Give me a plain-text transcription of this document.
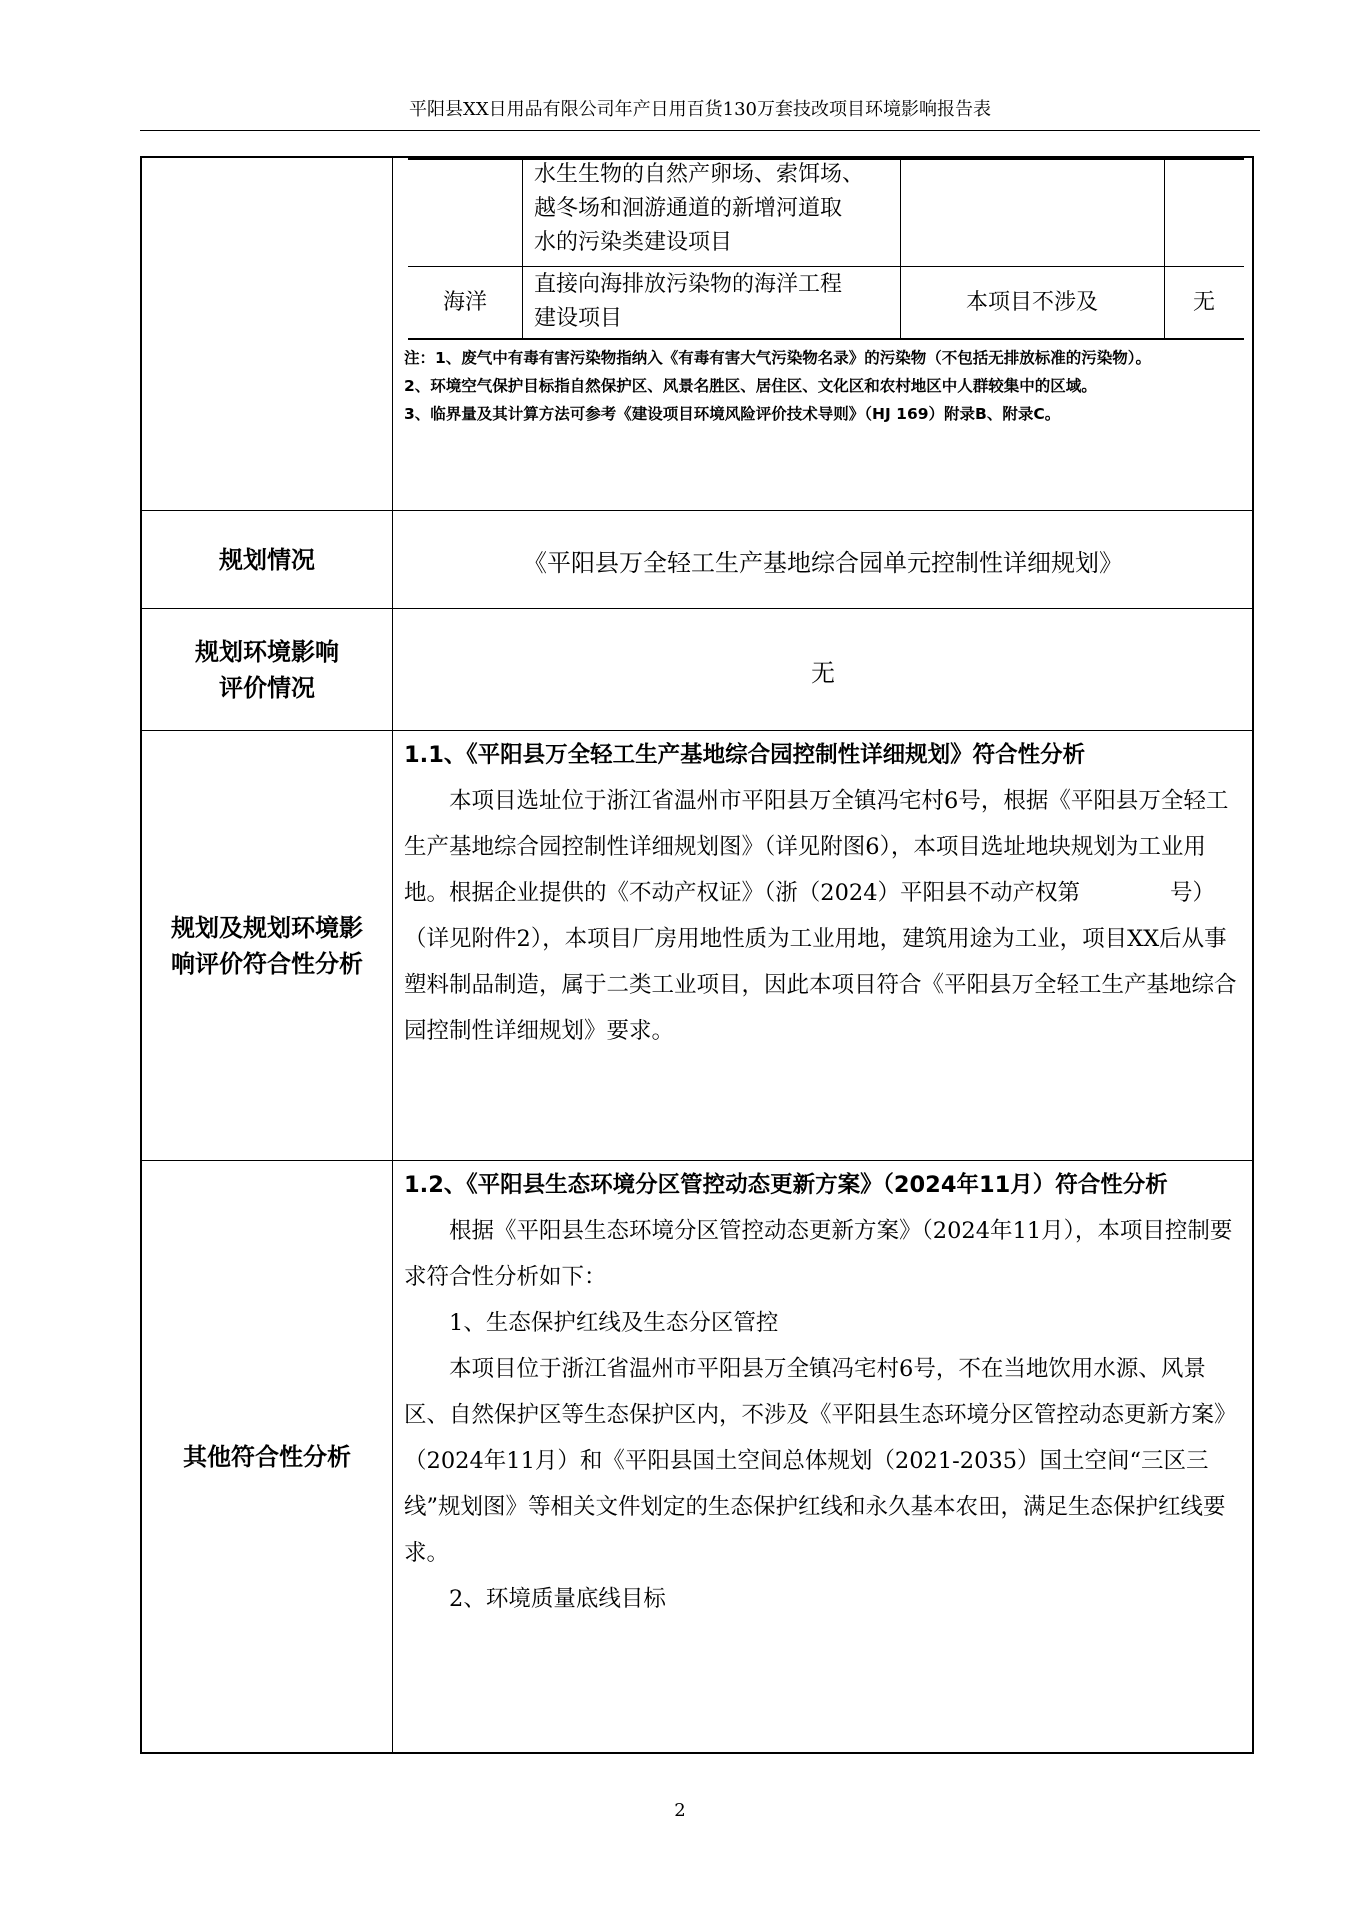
平阳县XX日用品有限公司年产日用百货130万套技改项目环境影响报告表
水生生物的自然产卵场、索饵场、
越冬场和洄游通道的新增河道取
水的污染类建设项目
海洋
直接向海排放污染物的海洋工程
建设项目
本项目不涉及	无

注：1、废气中有毒有害污染物指纳入《有毒有害大气污染物名录》的污染物（不包括无排放标准的污染物）。

2、环境空气保护目标指自然保护区、风景名胜区、居住区、文化区和农村地区中人群较集中的区域。

3、临界量及其计算方法可参考《建设项目环境风险评价技术导则》（HJ 169）附录B、附录C。

规划情况	《平阳县万全轻工生产基地综合园单元控制性详细规划》
规划环境影响
评价情况
无
规划及规划环境影
响评价符合性分析

1.1、《平阳县万全轻工生产基地综合园控制性详细规划》符合性分析

本项目选址位于浙江省温州市平阳县万全镇冯宅村6号，根据《平阳县万全轻工生产基地综合园控制性详细规划图》（详见附图6），本项目选址地块规划为工业用地。根据企业提供的《不动产权证》（浙（2024）平阳县不动产权第　　　　号）（详见附件2），本项目厂房用地性质为工业用地，建筑用途为工业，项目XX后从事塑料制品制造，属于二类工业项目，因此本项目符合《平阳县万全轻工生产基地综合园控制性详细规划》要求。

其他符合性分析

1.2、《平阳县生态环境分区管控动态更新方案》（2024年11月）符合性分析

根据《平阳县生态环境分区管控动态更新方案》（2024年11月），本项目控制要求符合性分析如下：

1、生态保护红线及生态分区管控

本项目位于浙江省温州市平阳县万全镇冯宅村6号，不在当地饮用水源、风景区、自然保护区等生态保护区内，不涉及《平阳县生态环境分区管控动态更新方案》（2024年11月）和《平阳县国土空间总体规划（2021-2035）国土空间“三区三线”规划图》等相关文件划定的生态保护红线和永久基本农田，满足生态保护红线要求。

2、环境质量底线目标

2
